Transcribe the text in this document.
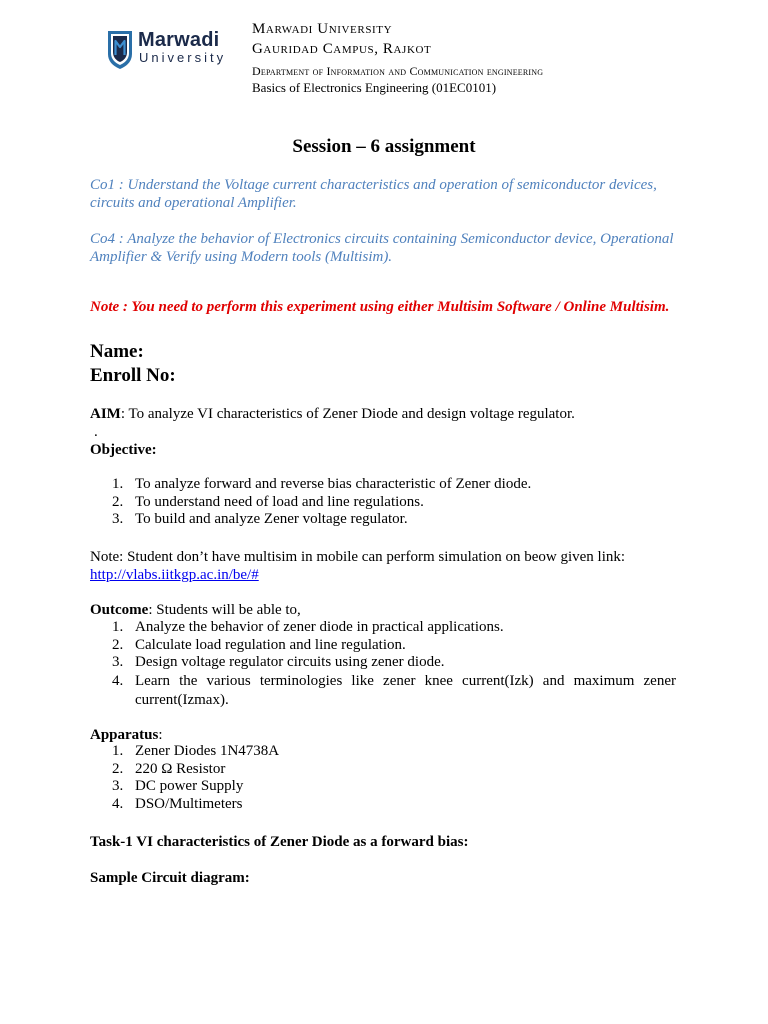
Marwadi
University
Marwadi University
Gauridad Campus, Rajkot
Department of Information and Communication engineering
Basics of Electronics Engineering (01EC0101)
Session – 6 assignment
Co1 : Understand the Voltage current characteristics and operation of semiconductor devices, circuits and operational Amplifier.
Co4 : Analyze the behavior of Electronics circuits containing Semiconductor device, Operational Amplifier & Verify using Modern tools (Multisim).
Note : You need to perform this experiment using either Multisim Software / Online Multisim.
Name:
Enroll No:
AIM: To analyze VI characteristics of Zener Diode and design voltage regulator.
.
Objective:
1. To analyze forward and reverse bias characteristic of Zener diode.
2. To understand need of load and line regulations.
3. To build and analyze Zener voltage regulator.
Note: Student don’t have multisim in mobile can perform simulation on beow given link:
http://vlabs.iitkgp.ac.in/be/#
Outcome: Students will be able to,
1. Analyze the behavior of zener diode in practical applications.
2. Calculate load regulation and line regulation.
3. Design voltage regulator circuits using zener diode.
4. Learn the various terminologies like zener knee current(Izk) and maximum zener current(Izmax).
Apparatus:
1. Zener Diodes 1N4738A
2. 220 Ω Resistor
3. DC power Supply
4. DSO/Multimeters
Task-1 VI characteristics of Zener Diode as a forward bias:
Sample Circuit diagram:
